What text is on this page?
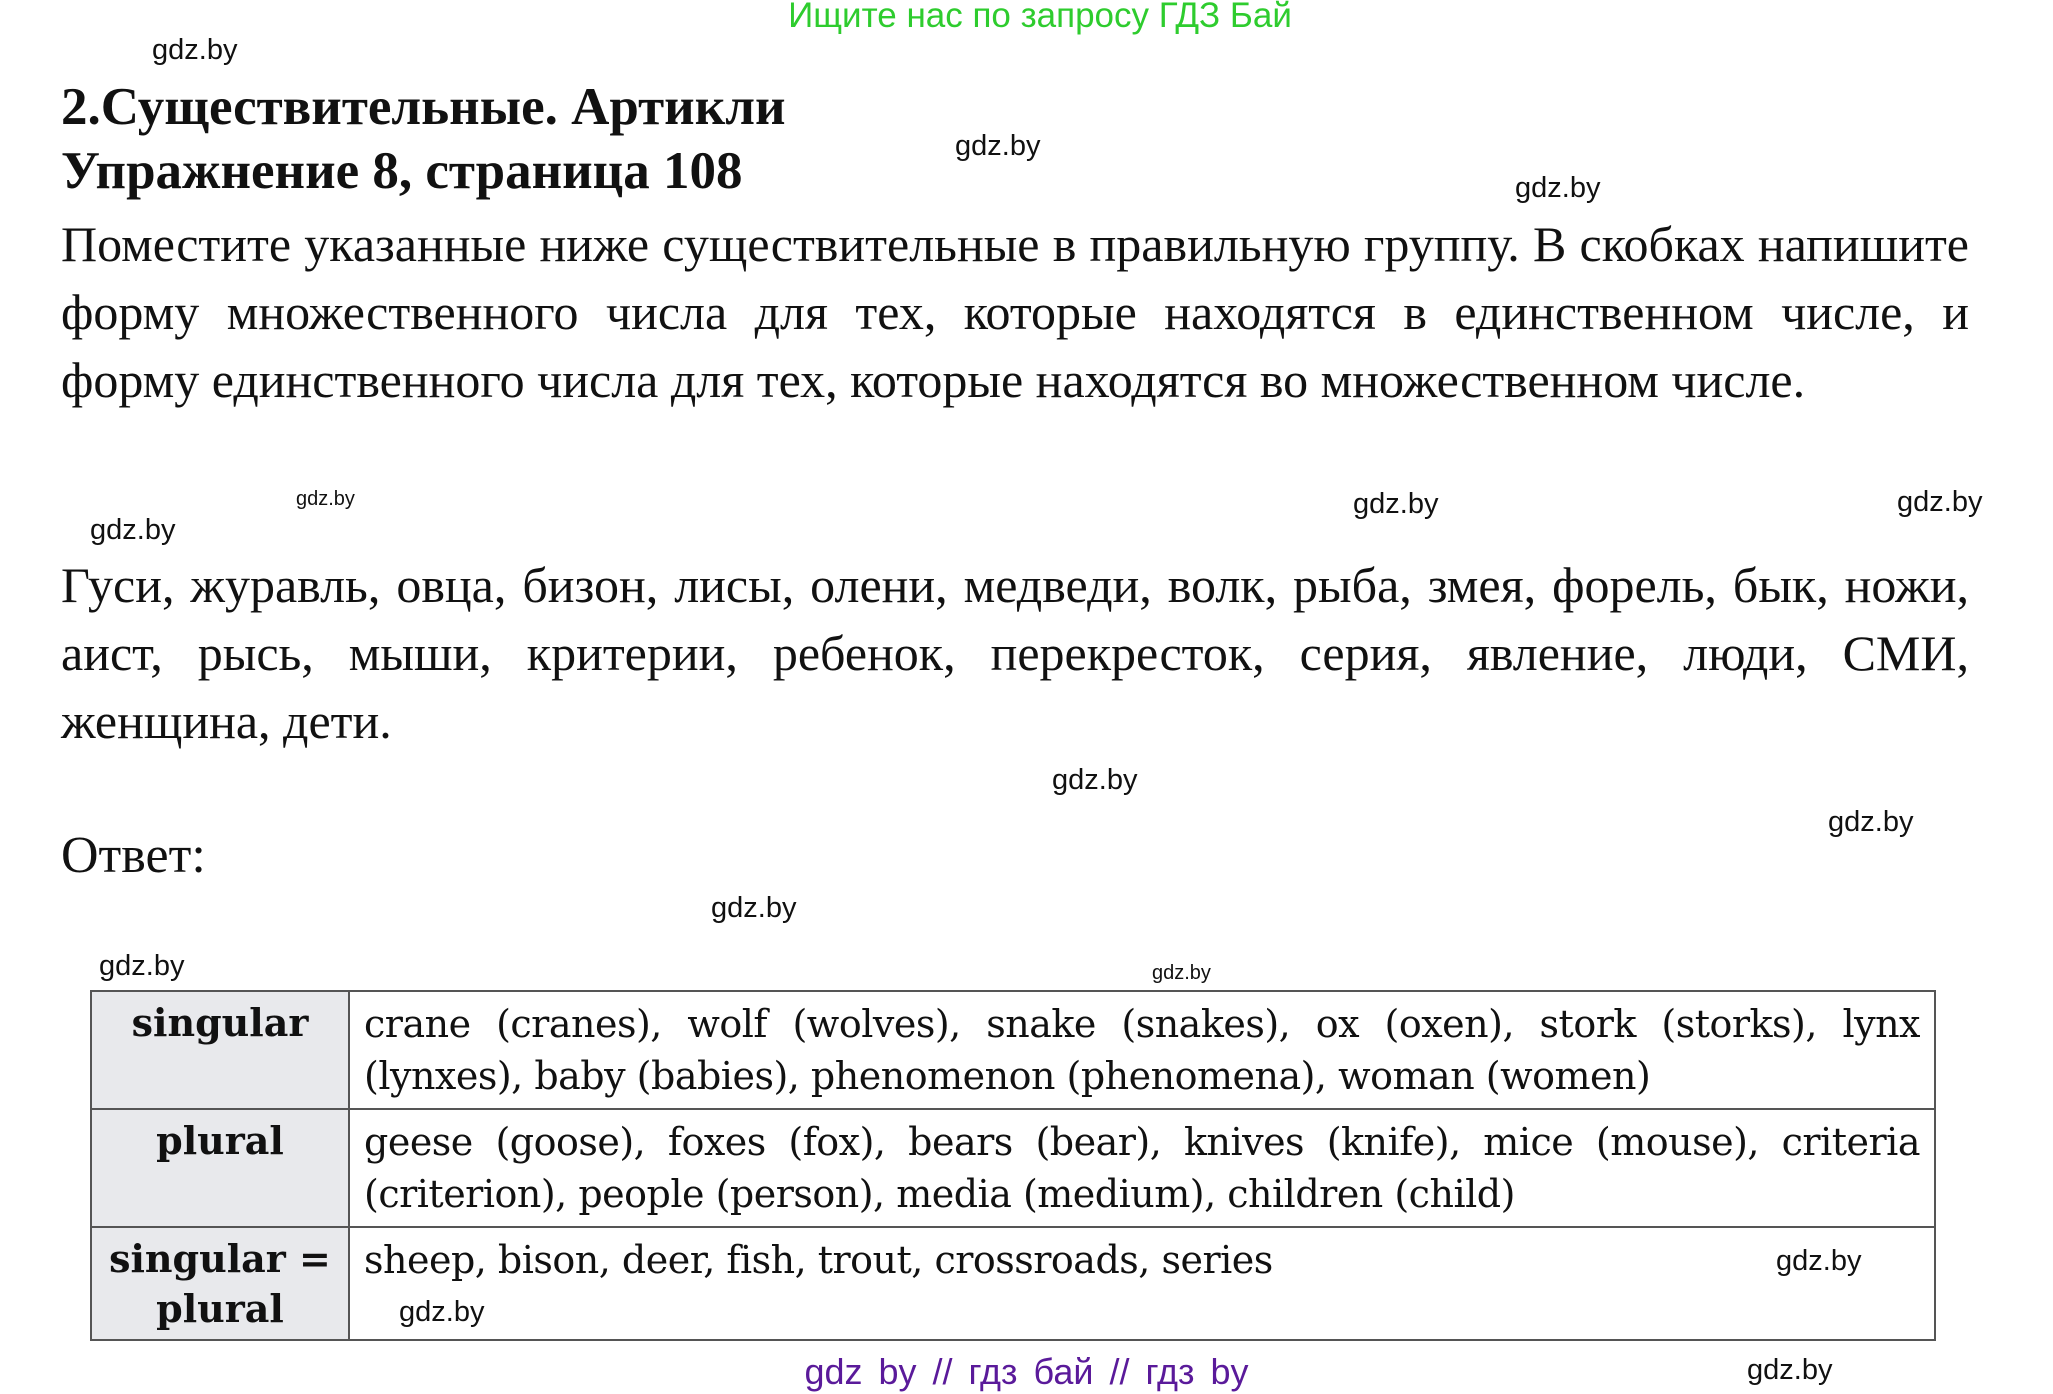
Ищите нас по запросу ГДЗ Бай
2.Существительные. Артикли
Упражнение 8, страница 108
Поместите указанные ниже существительные в правильную группу. В скобках напишите форму множественного числа для тех, которые находятся в единственном числе, и форму единственного числа для тех, которые находятся во множественном числе.
Гуси, журавль, овца, бизон, лисы, олени, медведи, волк, рыба, змея, форель, бык, ножи, аист, рысь, мыши, критерии, ребенок, перекресток, серия, явление, люди, СМИ, женщина, дети.
Ответ:
singular	crane (cranes), wolf (wolves), snake (snakes), ox (oxen), stork (storks), lynx (lynxes), baby (babies), phenomenon (phenomena), woman (women)
plural	geese (goose), foxes (fox), bears (bear), knives (knife), mice (mouse), criteria (criterion), people (person), media (medium), children (child)
singular = plural	sheep, bison, deer, fish, trout, crossroads, series
gdz.by
gdz.by
gdz.by
gdz.by	gdz.by
gdz.by
gdz.by
gdz.by
gdz.by
gdz.by
gdz.by	gdz.by
gdz.by
gdz.by
gdz.by
gdz by // гдз бай // гдз by
